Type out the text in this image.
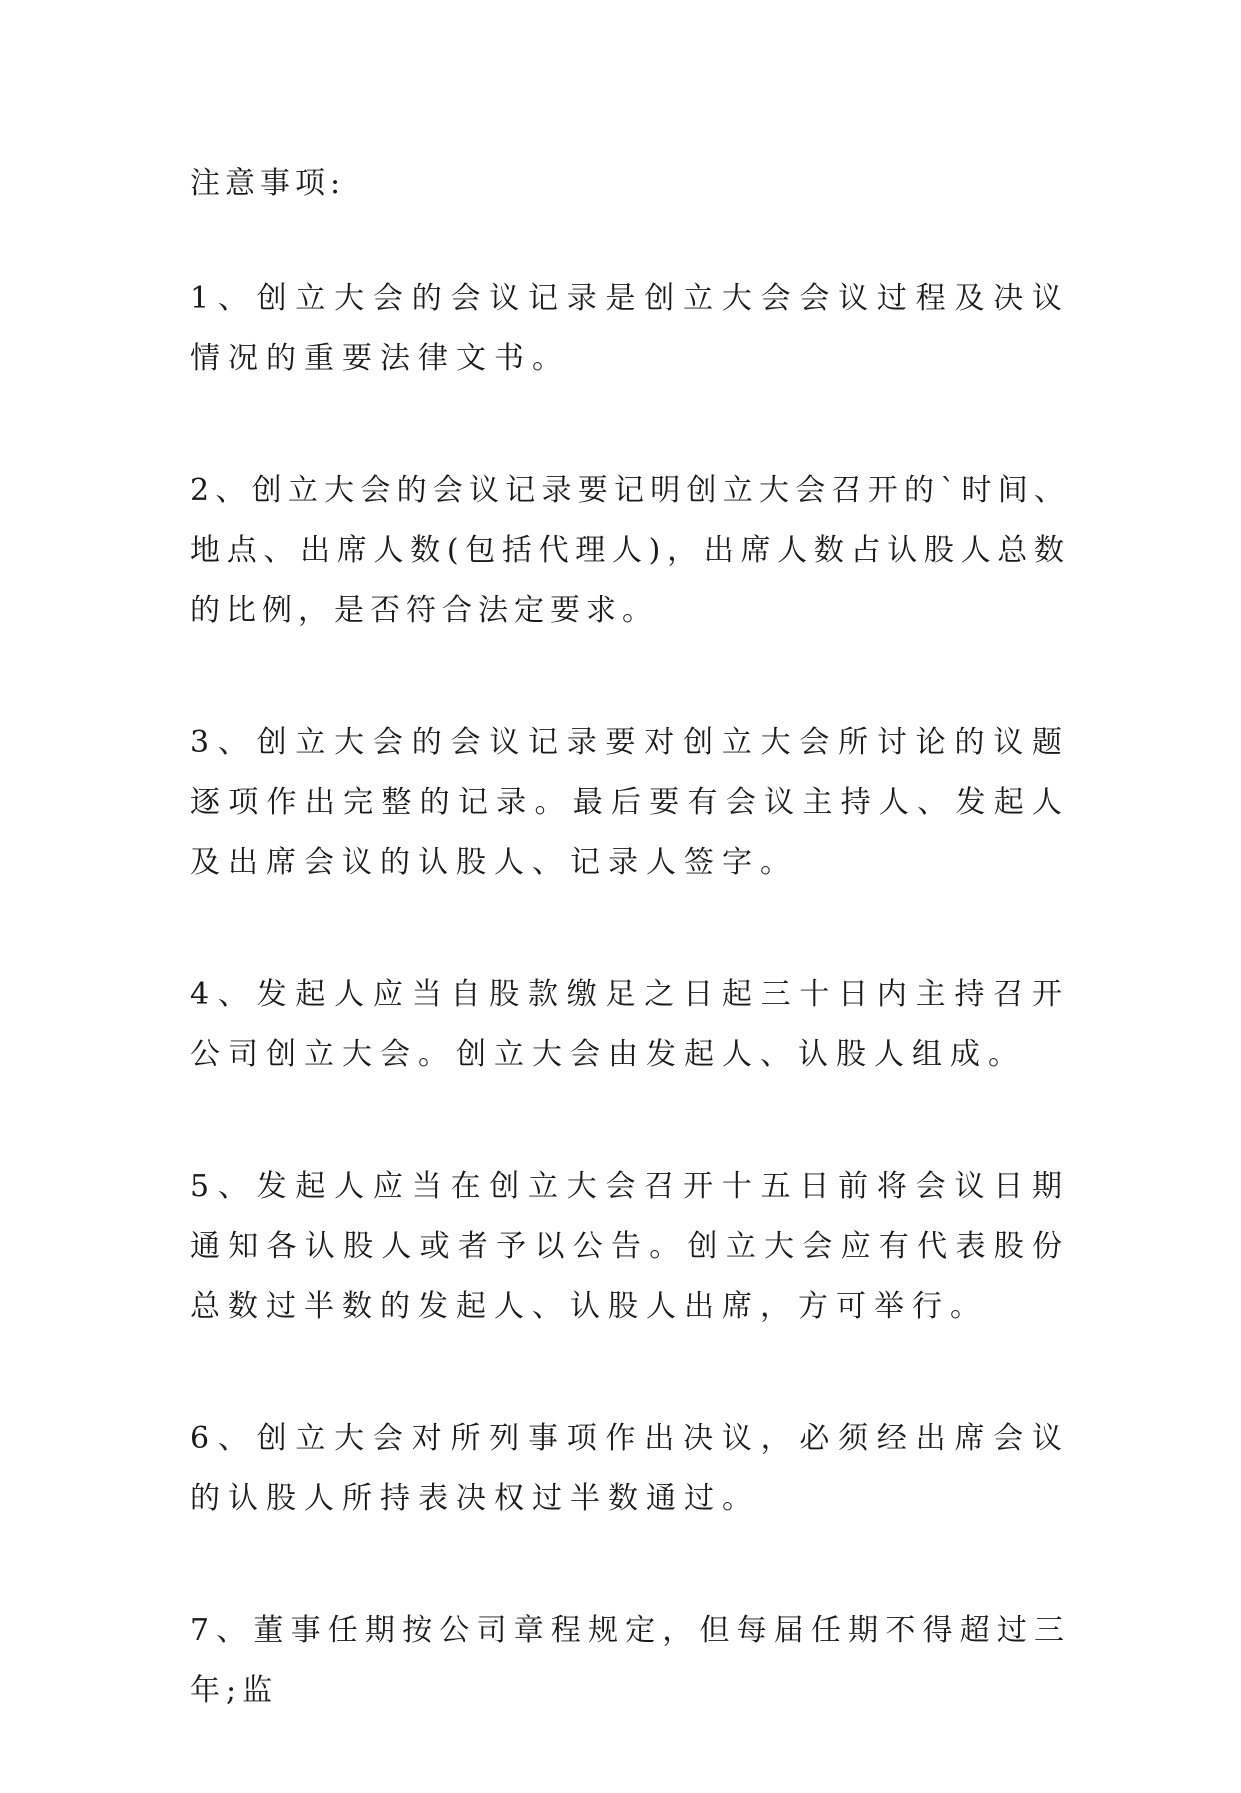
注意事项:

1、创立大会的会议记录是创立大会会议过程及决议情况的重要法律文书。

2、创立大会的会议记录要记明创立大会召开的`时间、地点、出席人数(包括代理人)，出席人数占认股人总数的比例，是否符合法定要求。

3、创立大会的会议记录要对创立大会所讨论的议题逐项作出完整的记录。最后要有会议主持人、发起人及出席会议的认股人、记录人签字。

4、发起人应当自股款缴足之日起三十日内主持召开公司创立大会。创立大会由发起人、认股人组成。

5、发起人应当在创立大会召开十五日前将会议日期通知各认股人或者予以公告。创立大会应有代表股份总数过半数的发起人、认股人出席，方可举行。

6、创立大会对所列事项作出决议，必须经出席会议的认股人所持表决权过半数通过。

7、董事任期按公司章程规定，但每届任期不得超过三年;监
